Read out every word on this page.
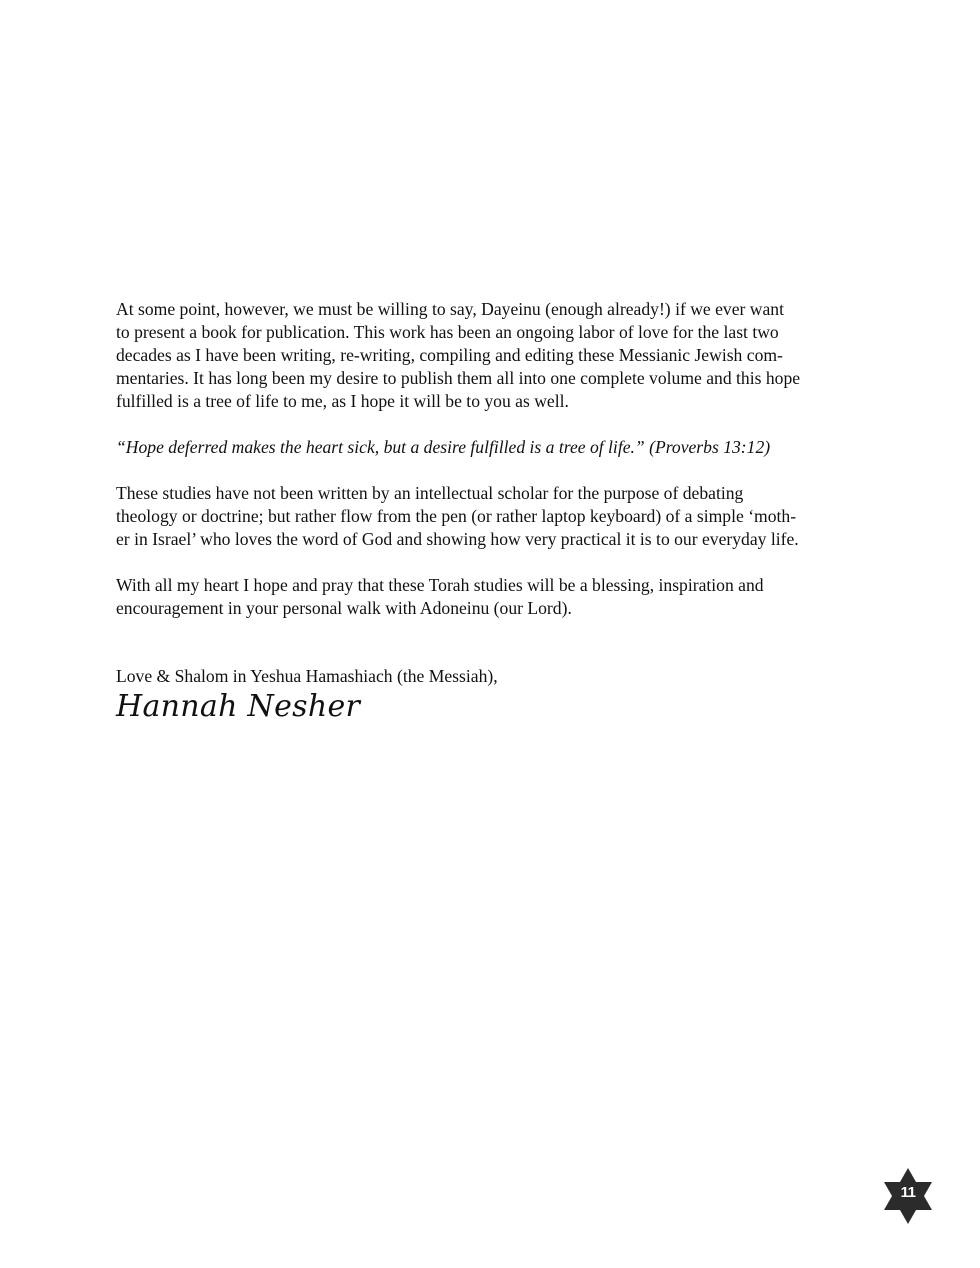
At some point, however, we must be willing to say, Dayeinu (enough already!) if we ever want
to present a book for publication. This work has been an ongoing labor of love for the last two
decades as I have been writing, re-writing, compiling and editing these Messianic Jewish com-
mentaries. It has long been my desire to publish them all into one complete volume and this hope
fulfilled is a tree of life to me, as I hope it will be to you as well.

“Hope deferred makes the heart sick, but a desire fulfilled is a tree of life.” (Proverbs 13:12)

These studies have not been written by an intellectual scholar for the purpose of debating
theology or doctrine; but rather flow from the pen (or rather laptop keyboard) of a simple ‘moth-
er in Israel’ who loves the word of God and showing how very practical it is to our everyday life.

With all my heart I hope and pray that these Torah studies will be a blessing, inspiration and
encouragement in your personal walk with Adoneinu (our Lord).

Love & Shalom in Yeshua Hamashiach (the Messiah),
Hannah Nesher
11
